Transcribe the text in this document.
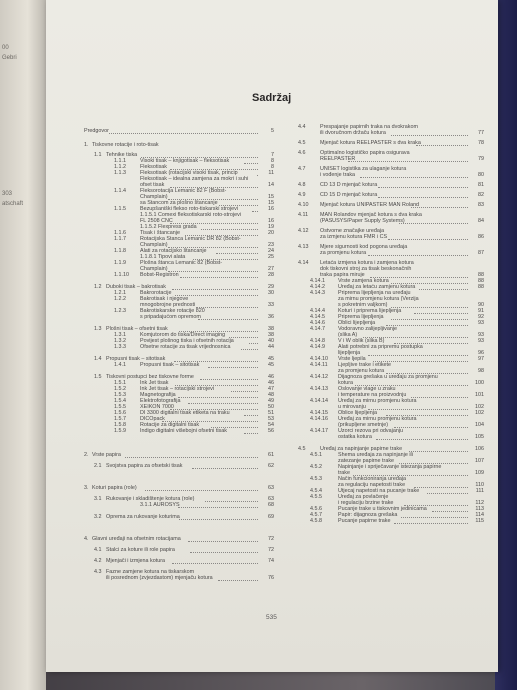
00
Gebri
303
atschaft
Sadržaj
Predgovor	5
1. Tiskovne rotacije i roto-tisak
1.1 Tehnike tiska	7
1.1.1	Visoki tisak – knjigotisak – fleksotisak	8
1.1.2	Fleksotisak	8
1.1.3	Fleksotisak (rotacijski visoki tisak, princip	11
Fleksotisak – idealna zamjena za mokri i suhi
ofset tisak	14
1.1.4	Fleksorotacija Lemanic 82 F (Bobst-
Champlain)	15
sa Stancom za plošno štancanje	15
1.1.5	Bezupšaniški flekso roto-tiskarski strojevi	16
1.1.5.1 Comexi fleksotiskarski roto-strojevi
FL 2508 CNC	16
1.1.5.2 Flexpress grada	19
1.1.6	Tisak i štancanje	20
1.1.7	Rotacijska Stanca Lemanic DR 82 (Bobst-
Champlain)	23
1.1.8	Alati za rotacijsko štancanje	24
1.1.8.1 Tipovi alata	25
1.1.9	Plošna štanca Lemanic 82 (Bobst-
Champlain)	27
1.1.10 Bobst-Registron	28
1.2 Duboki tisak – bakrotisak	29
1.2.1	Bakrorotacije	30
1.2.2	Bakrotisak i njegove
mnogobrojne prednosti	33
1.2.3	Bakrotiskarske rotacije 820
s pripadajućom opremom	36
1.3 Plošni tisak – ofsetni tisak	38
1.3.1	Komjutorom do tiska/Direct imaging	38
1.3.2	Povijest plošnog tiska i ofsetnih rotacija	40
1.3.3	Ofsetne rotacije za tisak vrijednosnica	44
1.4 Propusni tisak – sitotisak	45
1.4.1	Propusni tisak – sitotisak	45
1.5 Tiskovni postupci bez tiskovne forme	46
1.5.1	Ink Jet tisak	46
1.5.2	Ink Jet tisak – rotacijski strojevi	47
1.5.3	Magnetografija	48
1.5.4	Elektrofotografija	49
1.5.5	XEIKON 7000	50
1.5.6	DI 3300 digitalni tisak etiketa na traku	51
1.5.7	DICOpack	53
1.5.8	Rotacije za digitalni tisak	54
1.5.9	Indigo digitalni višebojni ofsetni tisak	56
2. Vrste papira	61
2.1 Svojstva papira za ofsetski tisak	62
3. Koturi papira (role)	63
3.1 Rukovanje i skladištenje kotura (role)	63
3.1.1 AUROSYS	68
3.2 Oprema za rukovanje koturima	69
4. Glavni uređaji na ofsetnim rotacijama	72
4.1 Stalci za koture ili role papira	72
4.2 Mjenjači i izmjena kotura	74
4.3 Fazne zamjene kotura na tiskarskom
ili posrednom (zvjezdastom) mjenjaču kotura	76
4.4	Prespajanje papirnih traka na dvokrakom
ili dvoručnom držaču kotura	77
4.5	Mjenjač kotura REELPASTER s dva kraka	78
4.6	Optimalno logističko papira osiguravа
REELPASTER	79
4.7	UNISET logistika za ulaganje kotura
i vođenje traka	80
4.8	CD 13 D mjenjač kotura	81
4.9	CD 15 D mjenjač kotura	82
4.10 Mjenjač kotura UNIPASTER MAN Roland	83
4.11 MAN Rolandov mjenjač kotura s dva kraka
(PASUSYS/Paper Supply Systems)	84
4.12 Ostvorne značajke uređaja
za izmjenu kotura FMR i CS	86
4.13 Mjere sigurnosti kod pogona uređaja
za promjenu kotura	87
4.14 Letaća izmjena kotura i zamjena kotura
dok tiskovni stroj za tisak beskonačnih
traka papira miruje	88
4.14.1 Vrste zamjena kotura	88
4.14.2 Uređaj za letaću zamjenu kotura	88
4.14.3 Priprema lijepljenja na uređaju
za mirnu promjenu kotura (Verzija
s pokretnim valjkom)	90
4.14.4 Koturi i priprema lijepljenja	91
4.14.5 Priprema lijepljenja	92
4.14.6 Oblici lijepljenja	93
4.14.7 Vodoravno zalijepljivanje
(slika A)	93
4.14.8 V i W oblik (slika B)	93
4.14.9 Alati potrebni za pripremu postupka
lijepljenja	96
4.14.10 Vrste ljepila	97
4.14.11 Ljepljive trake i etikete
za promjenu kotura	98
4.14.12 Dijagnoza grešaka u uređaju za promjenu
kotura	100
4.14.13 Oslovanje vlage u zraku
i temperature na proizvodnju	101
4.14.14 Uređaj za mirnu promjenu kotura
u mirovanju	102
4.14.15 Oblice lijepljenja	102
4.14.16 Uređaj za mirnu promjenu kotura
(prikupljene smetnje)	104
4.14.17 Uzorci rezova pri odvajanju
ostatka kotura	105
4.5	Uređaj za napinjanje papirne trake	106
4.5.1	Shema uređaja za napinjanje ili
zatezanje papirne trake	107
4.5.2	Napinjanje i spriječavanje istezanja papirne
trake	109
4.5.3	Način funkcioniranja uređaja
za regulaciju napetosti trake	110
4.5.4	Utjecaj napetosti na pucanje trake	111
4.5.5	Uređaj za povlačenje
i regulaciju brzine trake	112
4.5.6	Pucanje trake u tiskovnim jedinicama	113
4.5.7	Papir: dijagnoza grešaka	114
4.5.8	Pucanje papirne trake	115
535
